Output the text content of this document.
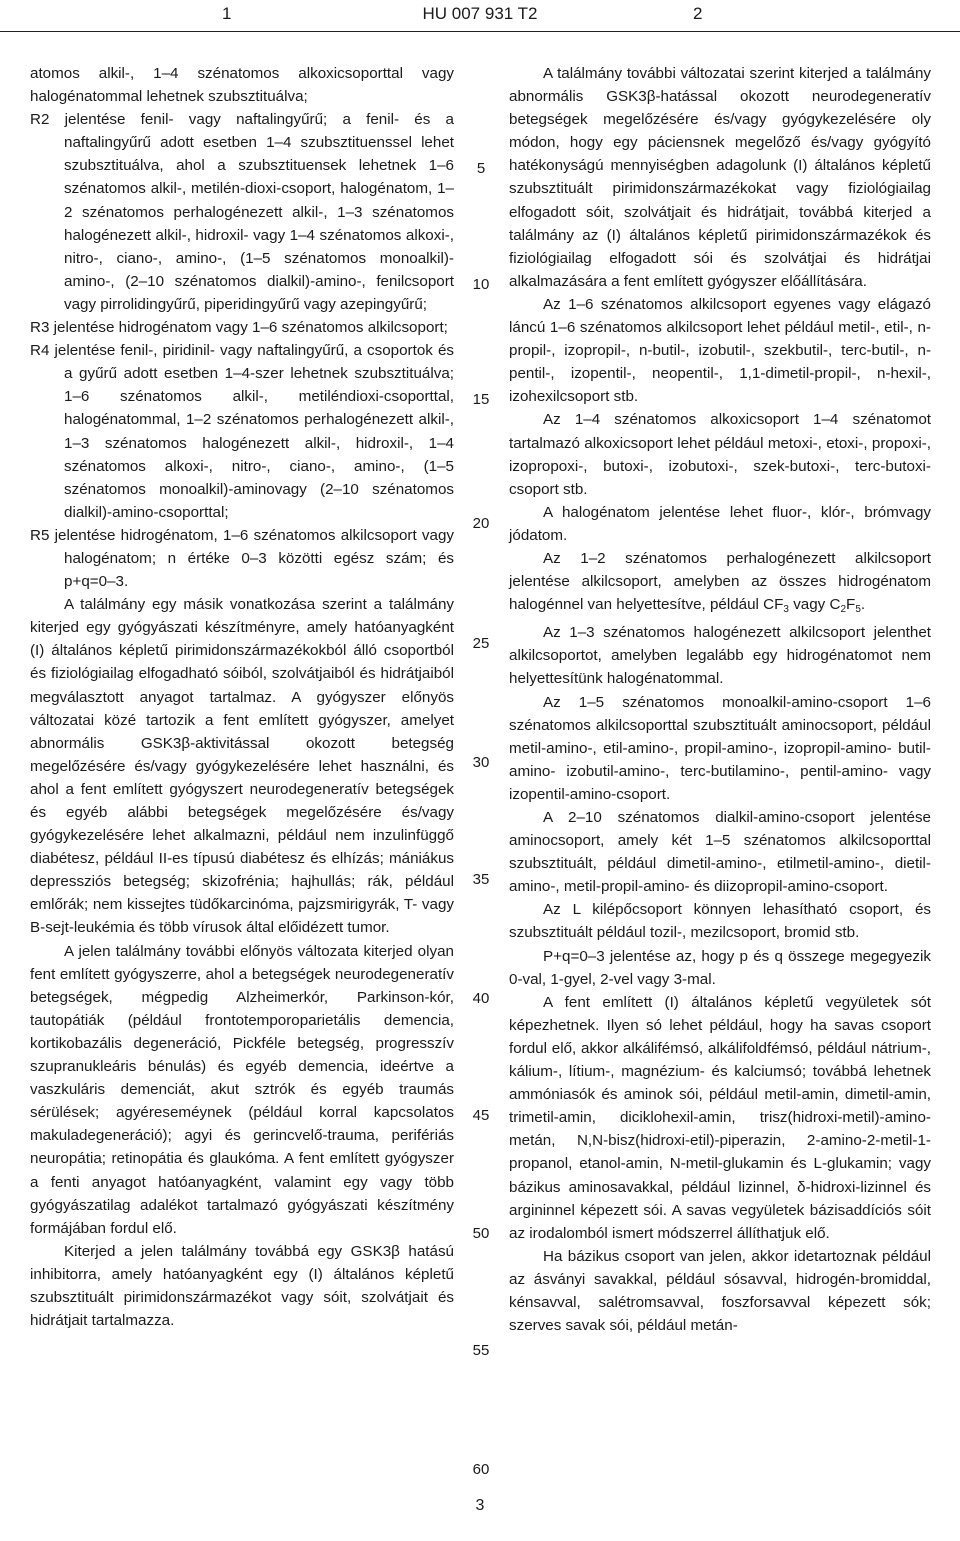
HU 007 931 T2
1	2

atomos alkil-, 1–4 szénatomos alkoxicsoporttal vagy halogénatommal lehetnek szubsztituálva;

R2 jelentése fenil- vagy naftalingyűrű; a fenil- és a naftalingyűrű adott esetben 1–4 szubsztituenssel lehet szubsztituálva, ahol a szubsztituensek lehetnek 1–6 szénatomos alkil-, metilén-dioxi-csoport, halogénatom, 1–2 szénatomos perhalogénezett alkil-, 1–3 szénatomos halogénezett alkil-, hidroxil- vagy 1–4 szénatomos alkoxi-, nitro-, ciano-, amino-, (1–5 szénatomos monoalkil)-amino-, (2–10 szénatomos dialkil)-amino-, fenilcsoport vagy pirrolidingyűrű, piperidingyűrű vagy azepingyűrű;

R3 jelentése hidrogénatom vagy 1–6 szénatomos alkilcsoport;

R4 jelentése fenil-, piridinil- vagy naftalingyűrű, a csoportok és a gyűrű adott esetben 1–4-szer lehetnek szubsztituálva; 1–6 szénatomos alkil-, metiléndioxi-csoporttal, halogénatommal, 1–2 szénatomos perhalogénezett alkil-, 1–3 szénatomos halogénezett alkil-, hidroxil-, 1–4 szénatomos alkoxi-, nitro-, ciano-, amino-, (1–5 szénatomos monoalkil)-aminovagy (2–10 szénatomos dialkil)-amino-csoporttal;

R5 jelentése hidrogénatom, 1–6 szénatomos alkilcsoport vagy halogénatom; n értéke 0–3 közötti egész szám; és p+q=0–3.

A találmány egy másik vonatkozása szerint a találmány kiterjed egy gyógyászati készítményre, amely hatóanyagként (I) általános képletű pirimidonszármazékokból álló csoportból és fiziológiailag elfogadható sóiból, szolvátjaiból és hidrátjaiból megválasztott anyagot tartalmaz. A gyógyszer előnyös változatai közé tartozik a fent említett gyógyszer, amelyet abnormális GSK3β-aktivitással okozott betegség megelőzésére és/vagy gyógykezelésére lehet használni, és ahol a fent említett gyógyszert neurodegeneratív betegségek és egyéb alábbi betegségek megelőzésére és/vagy gyógykezelésére lehet alkalmazni, például nem inzulinfüggő diabétesz, például II-es típusú diabétesz és elhízás; mániákus depressziós betegség; skizofrénia; hajhullás; rák, például emlőrák; nem kissejtes tüdőkarcinóma, pajzsmirigyrák, T- vagy B-sejt-leukémia és több vírusok által előidézett tumor.

A jelen találmány további előnyös változata kiterjed olyan fent említett gyógyszerre, ahol a betegségek neurodegeneratív betegségek, mégpedig Alzheimerkór, Parkinson-kór, tautopátiák (például frontotemporoparietális demencia, kortikobazális degeneráció, Pickféle betegség, progresszív szupranukleáris bénulás) és egyéb demencia, ideértve a vaszkuláris demenciát, akut sztrók és egyéb traumás sérülések; agyéreseméynek (például korral kapcsolatos makuladegeneráció); agyi és gerincvelő-trauma, perifériás neuropátia; retinopátia és glaukóma. A fent említett gyógyszer a fenti anyagot hatóanyagként, valamint egy vagy több gyógyászatilag adalékot tartalmazó gyógyászati készítmény formájában fordul elő.

Kiterjed a jelen találmány továbbá egy GSK3β hatású inhibitorra, amely hatóanyagként egy (I) általános képletű szubsztituált pirimidonszármazékot vagy sóit, szolvátjait és hidrátjait tartalmazza.

5
10
15
20
25
30
35
40
45
50
55
60

A találmány további változatai szerint kiterjed a találmány abnormális GSK3β-hatással okozott neurodegeneratív betegségek megelőzésére és/vagy gyógykezelésére oly módon, hogy egy páciensnek megelőző és/vagy gyógyító hatékonyságú mennyiségben adagolunk (I) általános képletű szubsztituált pirimidonszármazékokat vagy fiziológiailag elfogadott sóit, szolvátjait és hidrátjait, továbbá kiterjed a találmány az (I) általános képletű pirimidonszármazékok és fiziológiailag elfogadott sói és szolvátjai és hidrátjai alkalmazására a fent említett gyógyszer előállítására.

Az 1–6 szénatomos alkilcsoport egyenes vagy elágazó láncú 1–6 szénatomos alkilcsoport lehet például metil-, etil-, n-propil-, izopropil-, n-butil-, izobutil-, szekbutil-, terc-butil-, n-pentil-, izopentil-, neopentil-, 1,1-dimetil-propil-, n-hexil-, izohexilcsoport stb.

Az 1–4 szénatomos alkoxicsoport 1–4 szénatomot tartalmazó alkoxicsoport lehet például metoxi-, etoxi-, propoxi-, izopropoxi-, butoxi-, izobutoxi-, szek-butoxi-, terc-butoxi-csoport stb.

A halogénatom jelentése lehet fluor-, klór-, brómvagy jódatom.

Az 1–2 szénatomos perhalogénezett alkilcsoport jelentése alkilcsoport, amelyben az összes hidrogénatom halogénnel van helyettesítve, például $CF_3$ vagy $C_2F_5$.

Az 1–3 szénatomos halogénezett alkilcsoport jelenthet alkilcsoportot, amelyben legalább egy hidrogénatomot nem helyettesítünk halogénatommal.

Az 1–5 szénatomos monoalkil-amino-csoport 1–6 szénatomos alkilcsoporttal szubsztituált aminocsoport, például metil-amino-, etil-amino-, propil-amino-, izopropil-amino- butil-amino- izobutil-amino-, terc-butilamino-, pentil-amino- vagy izopentil-amino-csoport.

A 2–10 szénatomos dialkil-amino-csoport jelentése aminocsoport, amely két 1–5 szénatomos alkilcsoporttal szubsztituált, például dimetil-amino-, etilmetil-amino-, dietil-amino-, metil-propil-amino- és diizopropil-amino-csoport.

Az L kilépőcsoport könnyen lehasítható csoport, és szubsztituált például tozil-, mezilcsoport, bromid stb.

P+q=0–3 jelentése az, hogy p és q összege megegyezik 0-val, 1-gyel, 2-vel vagy 3-mal.

A fent említett (I) általános képletű vegyületek sót képezhetnek. Ilyen só lehet például, hogy ha savas csoport fordul elő, akkor alkálifémsó, alkálifoldfémsó, például nátrium-, kálium-, lítium-, magnézium- és kalciumsó; továbbá lehetnek ammóniasók és aminok sói, például metil-amin, dimetil-amin, trimetil-amin, diciklohexil-amin, trisz(hidroxi-metil)-amino-metán, N,N-bisz(hidroxi-etil)-piperazin, 2-amino-2-metil-1-propanol, etanol-amin, N-metil-glukamin és L-glukamin; vagy bázikus aminosavakkal, például lizinnel, δ-hidroxi-lizinnel és argininnel képezett sói. A savas vegyületek bázisaddíciós sóit az irodalomból ismert módszerrel állíthatjuk elő.

Ha bázikus csoport van jelen, akkor idetartoznak például az ásványi savakkal, például sósavval, hidrogén-bromiddal, kénsavval, salétromsavval, foszforsavval képezett sók; szerves savak sói, például metán-

3
